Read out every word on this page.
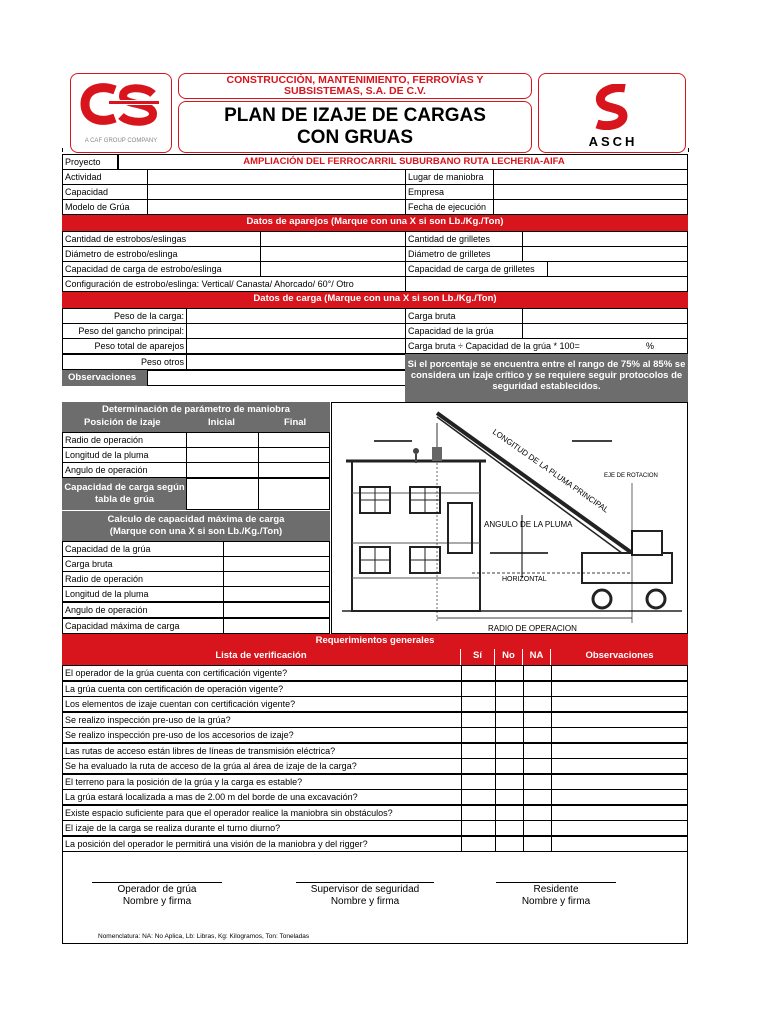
A CAF GROUP COMPANY
CONSTRUCCIÓN, MANTENIMIENTO, FERROVÍAS Y
SUBSISTEMAS, S.A. DE C.V.
PLAN DE IZAJE DE CARGAS
CON GRUAS	ASCH
Proyecto	AMPLIACIÓN DEL FERROCARRIL SUBURBANO RUTA LECHERIA-AIFA
Actividad	Lugar de maniobra
Capacidad	Empresa
Modelo de Grúa	Fecha de ejecución
Datos de aparejos (Marque con una X si son Lb./Kg./Ton)
Cantidad de estrobos/eslingas	Cantidad de grilletes
Diámetro de estrobo/eslinga	Diámetro de grilletes
Capacidad de carga de estrobo/eslinga	Capacidad de carga de grilletes
Configuración de estrobo/eslinga: Vertical/ Canasta/ Ahorcado/ 60°/ Otro
Datos de carga (Marque con una X si son Lb./Kg./Ton)
Peso de la carga:	Carga bruta
Peso del gancho principal:	Capacidad de la grúa
Peso total de aparejos	Carga bruta ÷ Capacidad de la grúa * 100=	%
Peso otros
Observaciones
Si el porcentaje se encuentra entre el rango de 75% al 85% se
considera un izaje crítico y se requiere seguir protocolos de
seguridad establecidos.
Determinación de parámetro de maniobra
Posición de izaje	Inicial	Final
Radio de operación
Longitud de la pluma
Angulo de operación
Capacidad de carga según
tabla de grúa
Calculo de capacidad máxima de carga
(Marque con una X si son Lb./Kg./Ton)
Capacidad de la grúa
Carga bruta
Radio de operación
Longitud de la pluma
Angulo de operación
Capacidad máxima de carga
LONGITUD DE LA PLUMA PRINCIPAL
EJE DE ROTACION
ANGULO DE LA PLUMA
HORIZONTAL
RADIO DE OPERACION
Requerimientos generales
Lista de verificación	Sí	No	NA	Observaciones
El operador de la grúa cuenta con certificación vigente?
La grúa cuenta con certificación de operación vigente?
Los elementos de izaje cuentan con certificación vigente?
Se realizo inspección pre-uso de la grúa?
Se realizo inspección pre-uso de los accesorios de izaje?
Las rutas de acceso están libres de líneas de transmisión eléctrica?
Se ha evaluado la ruta de acceso de la grúa al área de izaje de la carga?
El terreno para la posición de la grúa y la carga es estable?
La grúa estará localizada a mas de 2.00 m del borde de una excavación?
Existe espacio suficiente para que el operador realice la maniobra sin obstáculos?
El izaje de la carga se realiza durante el turno diurno?
La posición del operador le permitirá una visión de la maniobra y del rigger?
Operador de grúa
Nombre y firma
Supervisor de seguridad
Nombre y firma
Residente
Nombre y firma
Nomenclatura: NA: No Aplica, Lb: Libras, Kg: Kilogramos, Ton: Toneladas
